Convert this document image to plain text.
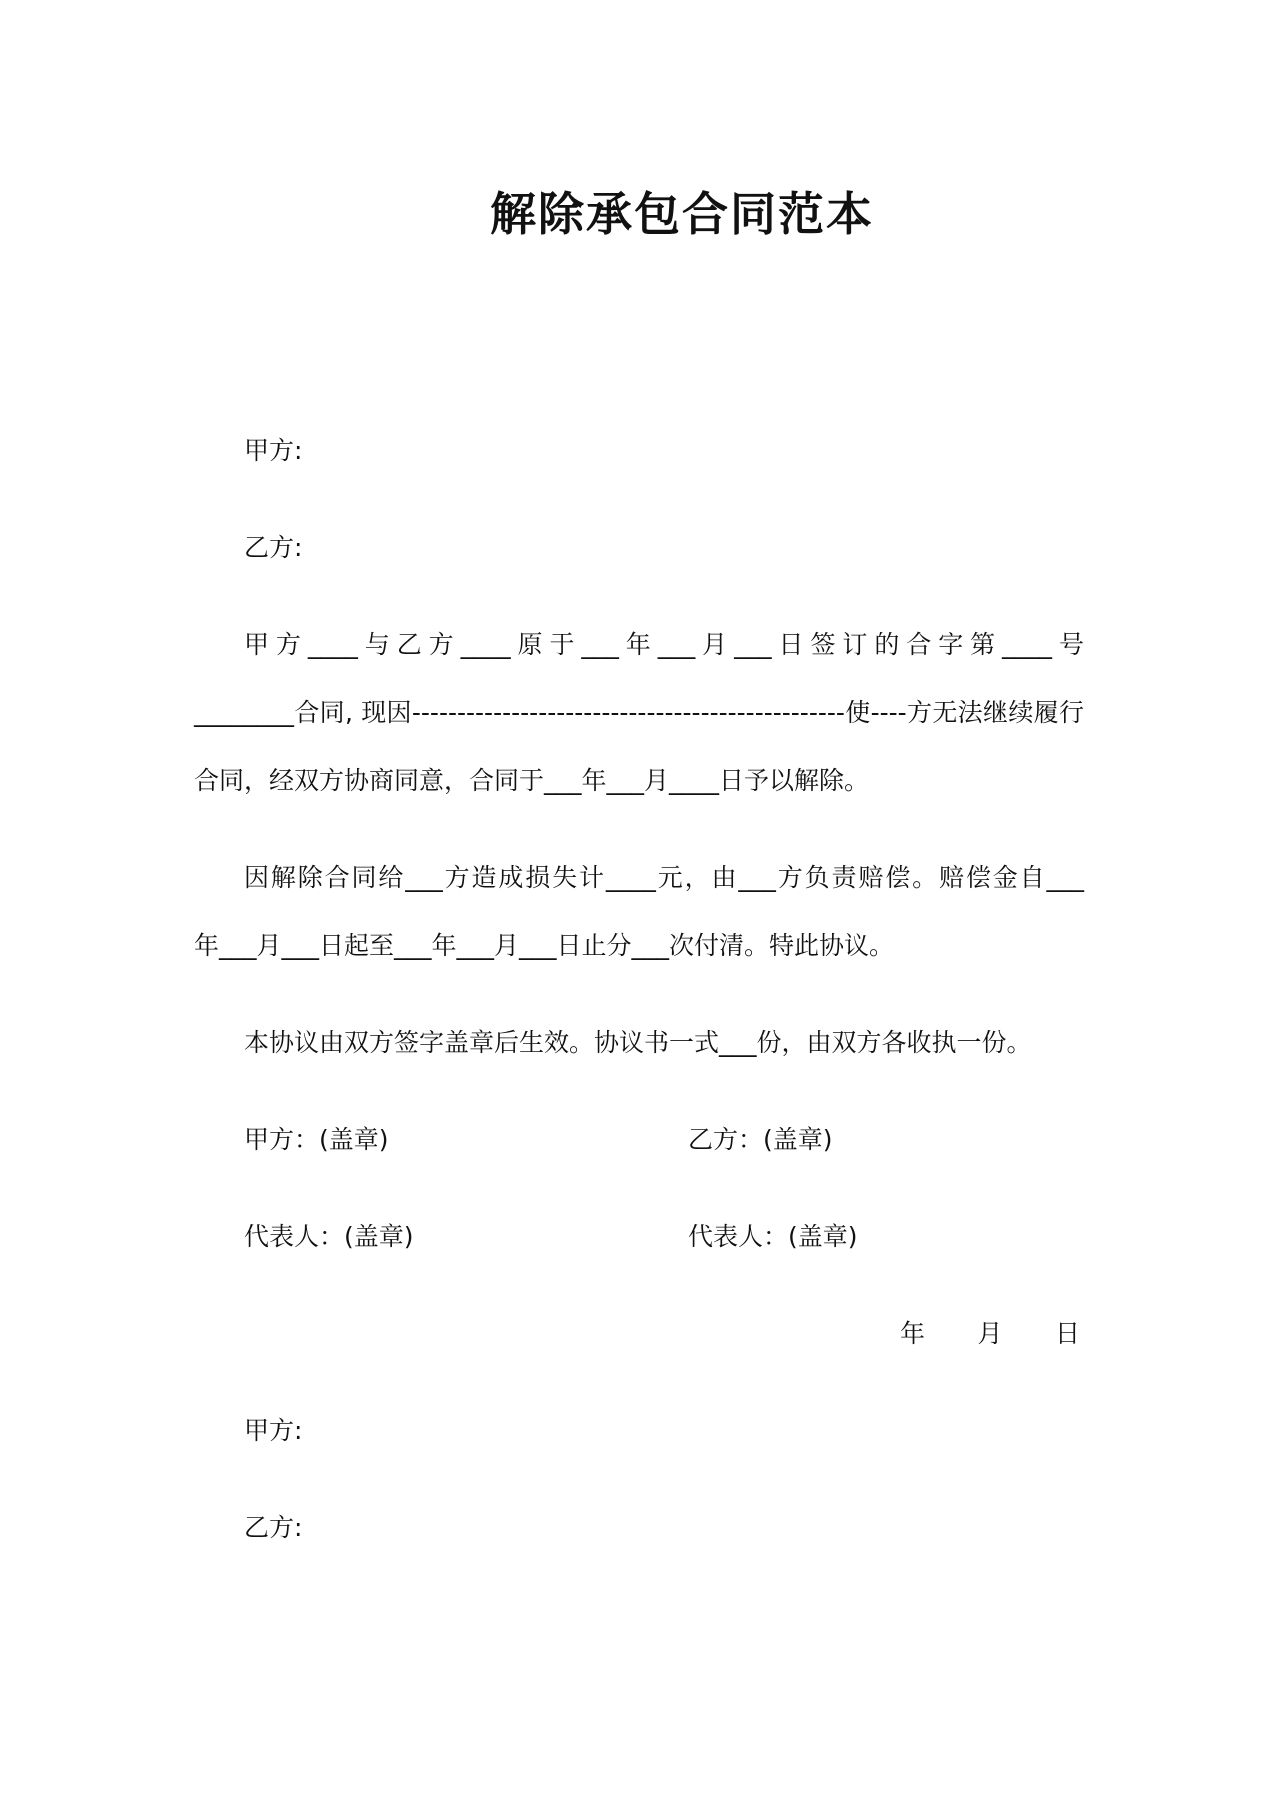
解除承包合同范本
甲方:
乙方:
甲方____与乙方____原于___年___月___日签订的合字第____号
________合同, 现因------------------------------------------------使----方无法继续履行
合同，经双方协商同意，合同于___年___月____日予以解除。
因解除合同给___方造成损失计____元，由___方负责赔偿。赔偿金自___
年___月___日起至___年___月___日止分___次付清。特此协议。
本协议由双方签字盖章后生效。协议书一式___份，由双方各收执一份。
甲方：(盖章)	乙方：(盖章)
代表人：(盖章)	代表人：(盖章)
年 月 日
甲方:
乙方:
